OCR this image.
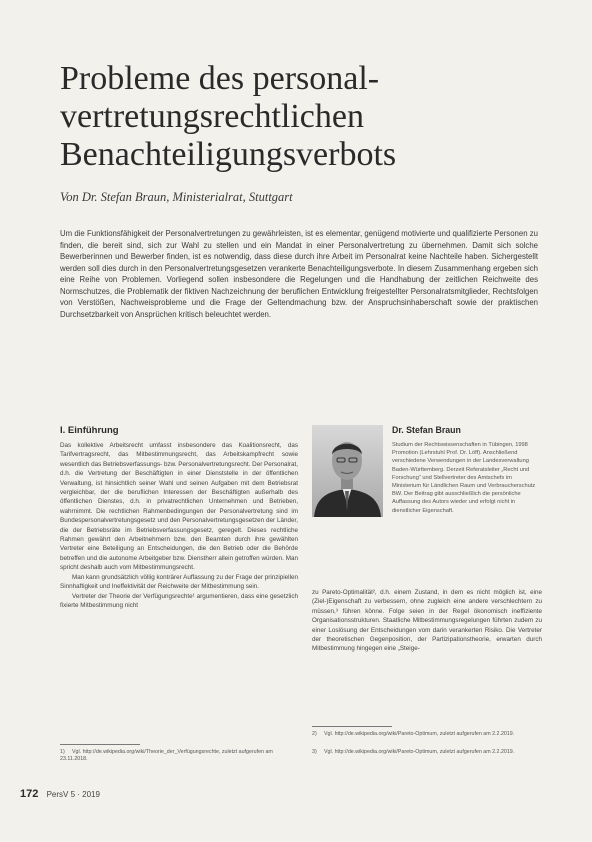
Probleme des personal-
vertretungsrechtlichen
Benachteiligungsverbots
Von Dr. Stefan Braun, Ministerialrat, Stuttgart
Um die Funktionsfähigkeit der Personalvertretungen zu gewährleisten, ist es elementar, genügend motivierte und qualifizierte Personen zu finden, die bereit sind, sich zur Wahl zu stellen und ein Mandat in einer Personalvertretung zu übernehmen. Damit sich solche Bewerberinnen und Bewerber finden, ist es notwendig, dass diese durch ihre Arbeit im Personalrat keine Nachteile haben. Sichergestellt werden soll dies durch in den Personalvertretungsgesetzen verankerte Benachteiligungsverbote. In diesem Zusammenhang ergeben sich eine Reihe von Problemen. Vorliegend sollen insbesondere die Regelungen und die Handhabung der zeitlichen Reichweite des Normschutzes, die Problematik der fiktiven Nachzeichnung der beruflichen Entwicklung freigestellter Personalratsmitglieder, Rechtsfolgen von Verstößen, Nachweisprobleme und die Frage der Geltendmachung bzw. der Anspruchsinhaberschaft sowie der praktischen Durchsetzbarkeit von Ansprüchen kritisch beleuchtet werden.
I. Einführung

Das kollektive Arbeitsrecht umfasst insbesondere das Koalitionsrecht, das Tarifvertragsrecht, das Mitbestimmungsrecht, das Arbeitskampfrecht sowie wesentlich das Betriebsverfassungs- bzw. Personalvertretungsrecht. Der Personalrat, d.h. die Vertretung der Beschäftigten in einer Dienststelle in der öffentlichen Verwaltung, ist hinsichtlich seiner Wahl und seinen Aufgaben mit dem Betriebsrat vergleichbar, der die beruflichen Interessen der Beschäftigten außerhalb des öffentlichen Dienstes, d.h. in privatrechtlichen Unternehmen und Betrieben, wahrnimmt. Die rechtlichen Rahmenbedingungen der Personalvertretung sind im Bundespersonalvertretungsgesetz und den Personalvertretungsgesetzen der Länder, die der Betriebsräte im Betriebsverfassungsgesetz, geregelt. Dieses rechtliche Rahmen gewährt den Arbeitnehmern bzw. den Beamten durch ihre gewählten Vertreter eine Beteiligung an Entscheidungen, die den Betrieb oder die Behörde betreffen und die autonome Arbeitgeber bzw. Dienstherr allein getroffen würden. Man spricht deshalb auch vom Mitbestimmungsrecht.

Man kann grundsätzlich völlig konträrer Auffassung zu der Frage der prinzipiellen Sinnhaftigkeit und Ineffektivität der Reichweite der Mitbestimmung sein.

Vertreter der Theorie der Verfügungsrechte¹ argumentieren, dass eine gesetzlich fixierte Mitbestimmung nicht

Dr. Stefan Braun
Studium der Rechtswissenschaften in Tübingen, 1998 Promotion (Lehrstuhl Prof. Dr. Löff). Anschließend verschiedene Verwendungen in der Landesverwaltung Baden-Württemberg. Derzeit Referatsleiter „Recht und Forschung“ und Stellvertreter des Amtschefs im Ministerium für Ländlichen Raum und Verbraucherschutz BW. Der Beitrag gibt ausschließlich die persönliche Auffassung des Autors wieder und erfolgt nicht in dienstlicher Eigenschaft.
zu Pareto-Optimalität², d.h. einem Zustand, in dem es nicht möglich ist, eine (Ziel-)Eigenschaft zu verbessern, ohne zugleich eine andere verschlechtern zu müssen,³ führen könne. Folge seien in der Regel ökonomisch ineffiziente Organisationsstrukturen. Staatliche Mitbestimmungsregelungen führten zudem zu einer Loslösung der Entscheidungen vom darin verankerten Risiko. Die Vertreter der theoretischen Gegenposition, der Partizipationstheorie, erwarten durch Mitbestimmung hingegen eine „Steige-
1) Vgl. http://de.wikipedia.org/wiki/Theorie_der_Verfügungsrechte, zuletzt aufgerufen am 23.11.2018.
2) Vgl. http://de.wikipedia.org/wiki/Pareto-Optimum, zuletzt aufgerufen am 2.2.2019.
3) Vgl. http://de.wikipedia.org/wiki/Pareto-Optimum, zuletzt aufgerufen am 2.2.2019.
172 PersV 5 · 2019
